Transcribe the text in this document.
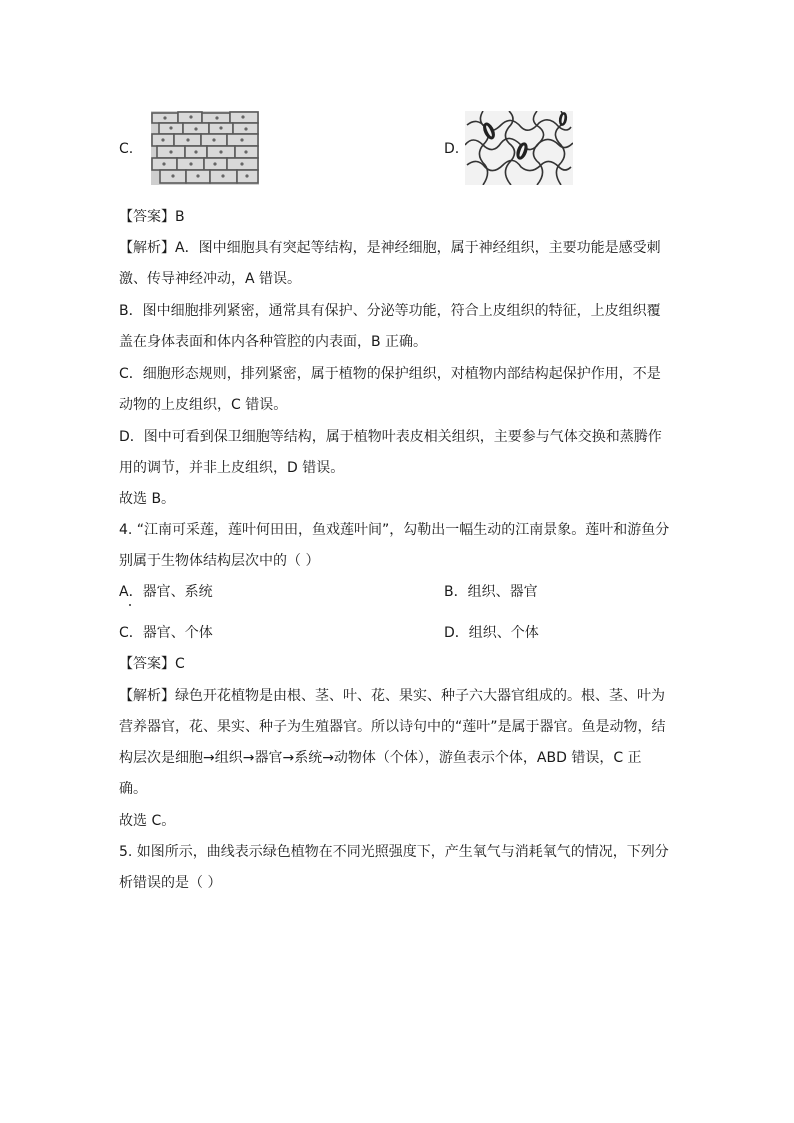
C.	D.
【答案】B
【解析】A．图中细胞具有突起等结构，是神经细胞，属于神经组织，主要功能是感受刺
激、传导神经冲动，A 错误。
B．图中细胞排列紧密，通常具有保护、分泌等功能，符合上皮组织的特征，上皮组织覆
盖在身体表面和体内各种管腔的内表面，B 正确。
C．细胞形态规则，排列紧密，属于植物的保护组织，对植物内部结构起保护作用，不是
动物的上皮组织，C 错误。
D．图中可看到保卫细胞等结构，属于植物叶表皮相关组织，主要参与气体交换和蒸腾作
用的调节，并非上皮组织，D 错误。
故选 B。
4. “江南可采莲，莲叶何田田，鱼戏莲叶间”，勾勒出一幅生动的江南景象。莲叶和游鱼分
别属于生物体结构层次中的（ ）
A．器官、系统	B．组织、器官
C．器官、个体	D．组织、个体
【答案】C
【解析】绿色开花植物是由根、茎、叶、花、果实、种子六大器官组成的。根、茎、叶为
营养器官，花、果实、种子为生殖器官。所以诗句中的“莲叶”是属于器官。鱼是动物，结
构层次是细胞→组织→器官→系统→动物体（个体），游鱼表示个体，ABD 错误，C 正
确。
故选 C。
5. 如图所示，曲线表示绿色植物在不同光照强度下，产生氧气与消耗氧气的情况，下列分
析错误的是（ ）
